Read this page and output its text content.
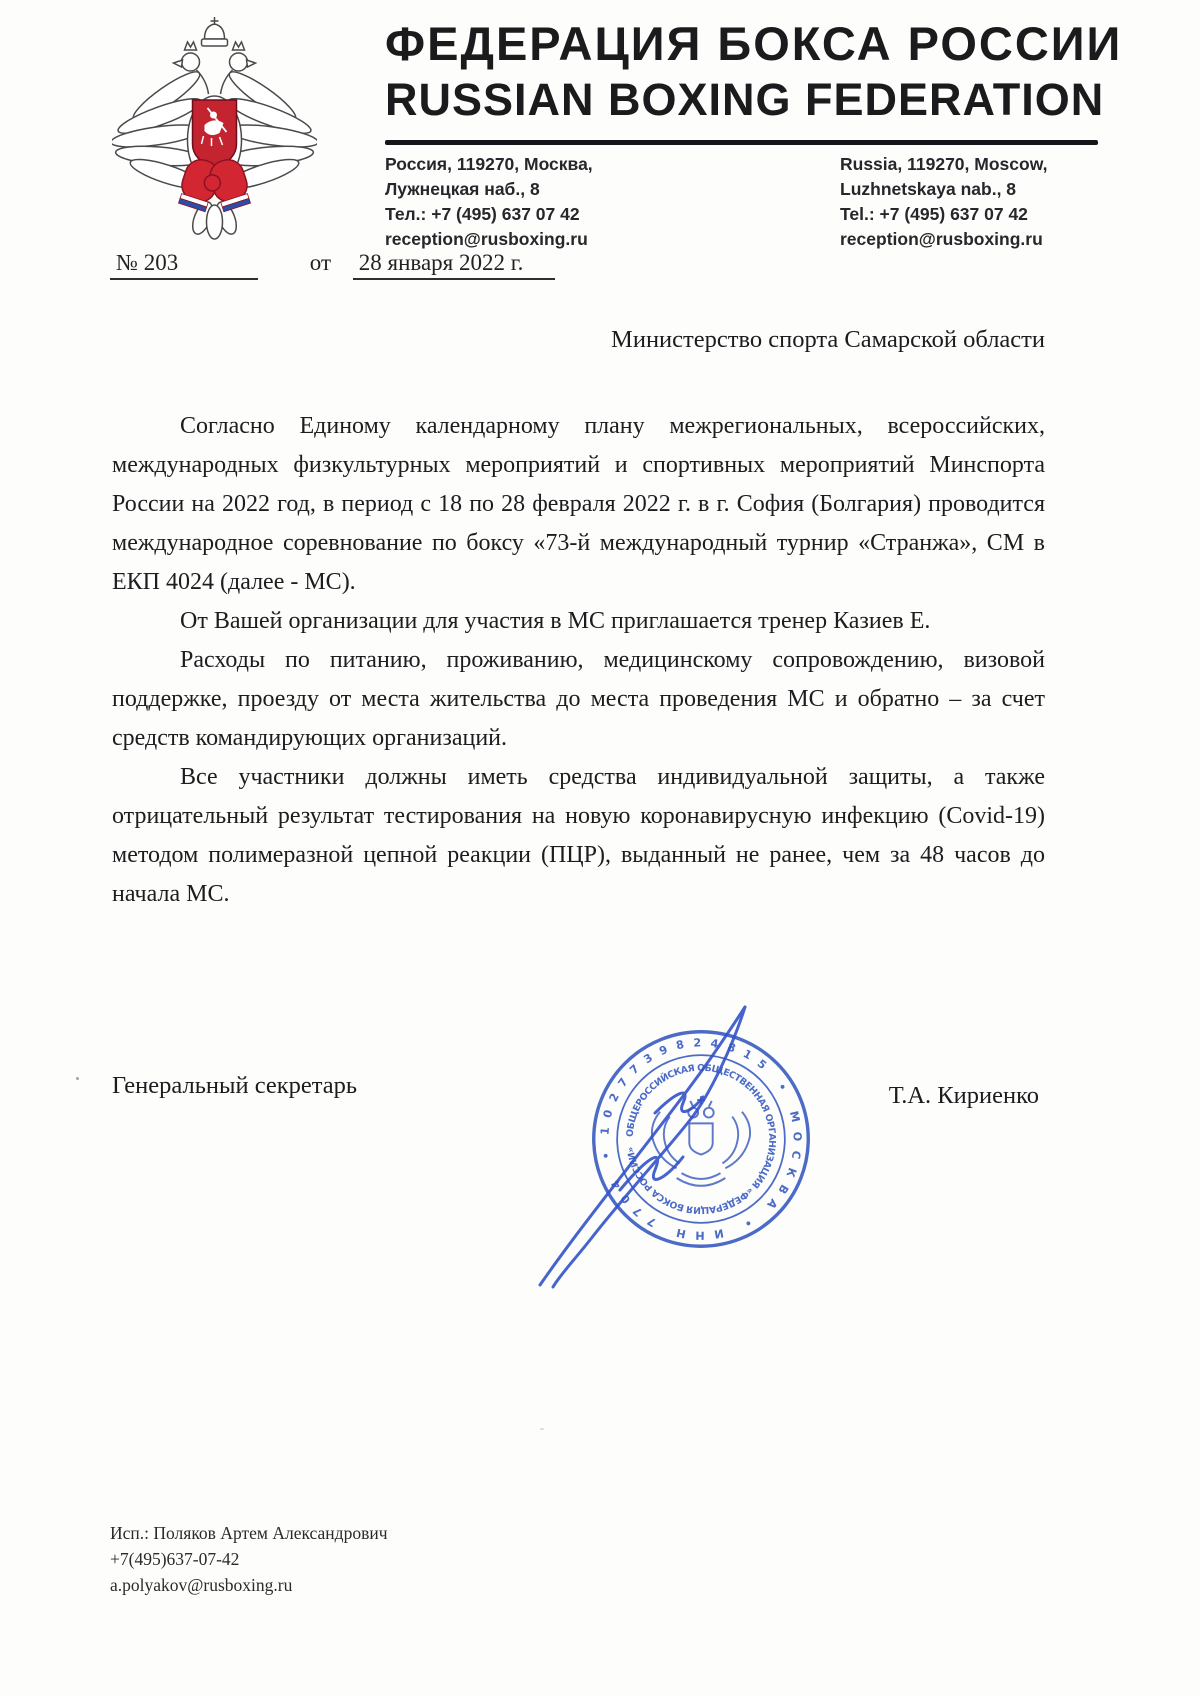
ФЕДЕРАЦИЯ БОКСА РОССИИ
RUSSIAN BOXING FEDERATION
Россия, 119270, Москва,
Лужнецкая наб., 8
Тел.: +7 (495) 637 07 42
reception@rusboxing.ru
Russia, 119270, Moscow,
Luzhnetskaya nab., 8
Tel.: +7 (495) 637 07 42
reception@rusboxing.ru
№ 203	от 28 января 2022 г.
Министерство спорта Самарской области

Согласно Единому календарному плану межрегиональных, всероссийских, международных физкультурных мероприятий и спортивных мероприятий Минспорта России на 2022 год, в период с 18 по 28 февраля 2022 г. в г. София (Болгария) проводится международное соревнование по боксу «73-й международный турнир «Странжа», СМ в ЕКП 4024 (далее - МС).

От Вашей организации для участия в МС приглашается тренер Казиев Е.

Расходы по питанию, проживанию, медицинскому сопровождению, визовой поддержке, проезду от места жительства до места проведения МС и обратно – за счет средств командирующих организаций.

Все участники должны иметь средства индивидуальной защиты, а также отрицательный результат тестирования на новую коронавирусную инфекцию (Covid-19) методом полимеразной цепной реакции (ПЦР), выданный не ранее, чем за 48 часов до начала МС.

Генеральный секретарь	Т.А. Кириенко
1027739824815 • МОСКВА • ИНН 7704 •
ОБЩЕРОССИЙСКАЯ ОБЩЕСТВЕННАЯ ОРГАНИЗАЦИЯ «ФЕДЕРАЦИЯ БОКСА РОССИИ»
Исп.: Поляков Артем Александрович
+7(495)637-07-42
a.polyakov@rusboxing.ru
